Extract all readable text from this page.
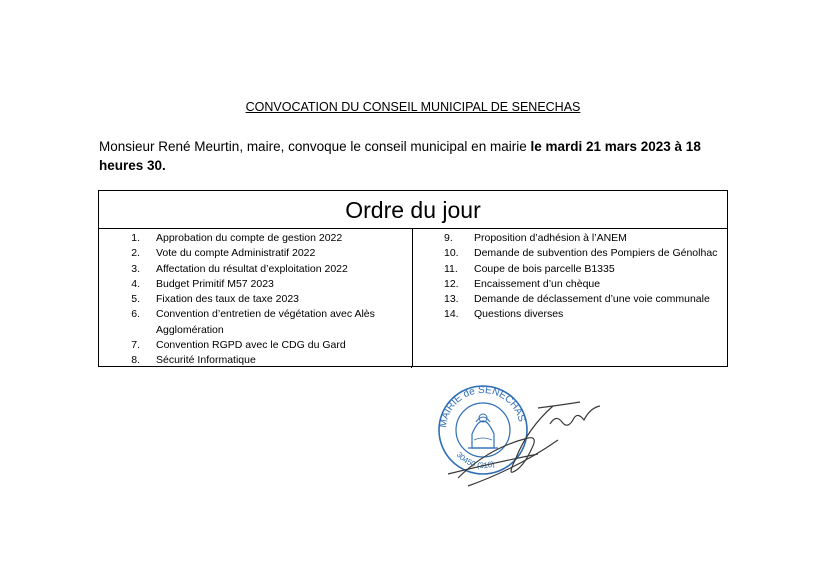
CONVOCATION DU CONSEIL MUNICIPAL DE SENECHAS
Monsieur René Meurtin, maire, convoque le conseil municipal en mairie le mardi 21 mars 2023 à 18 heures 30.
Ordre du jour
1.	Approbation du compte de gestion 2022
2.	Vote du compte Administratif 2022
3.	Affectation du résultat d’exploitation 2022
4.	Budget Primitif M57 2023
5.	Fixation des taux de taxe 2023
6.	Convention d’entretien de végétation avec Alès Agglomération
7.	Convention RGPD avec le CDG du Gard
8.	Sécurité Informatique
9.	Proposition d’adhésion à l’ANEM
10.	Demande de subvention des Pompiers de Génolhac
11.	Coupe de bois parcelle B1335
12.	Encaissement d’un chèque
13.	Demande de déclassement d’une voie communale
14.	Questions diverses
MAIRIE de SENECHAS
30450 (316)
